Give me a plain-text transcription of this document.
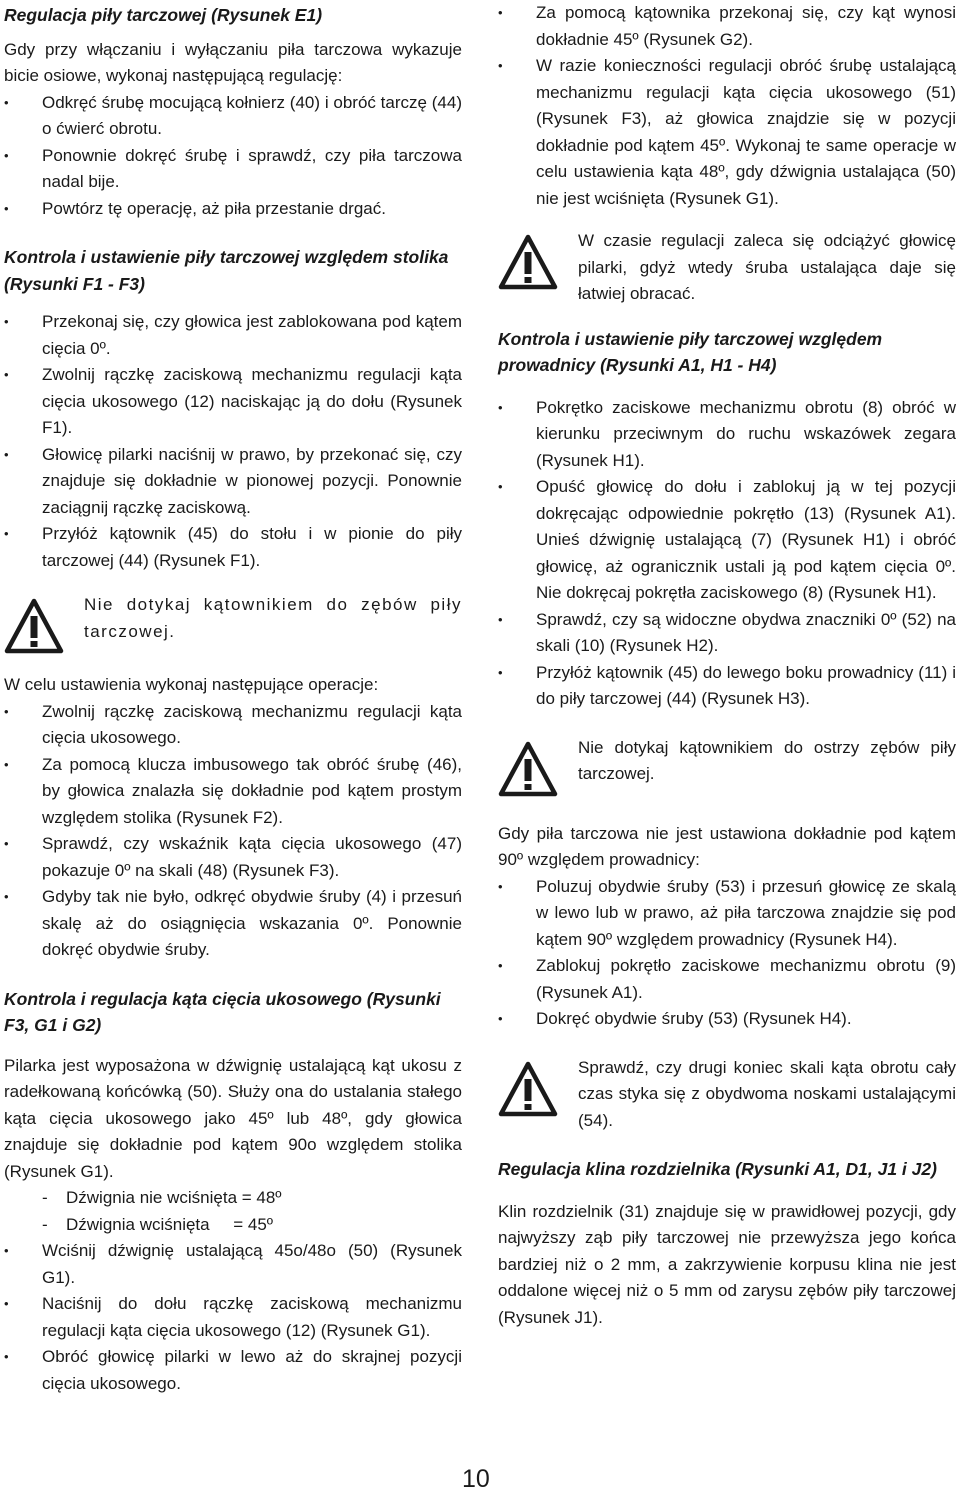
Regulacja piły tarczowej (Rysunek E1)

Gdy przy włączaniu i wyłączaniu piła tarczowa wykazuje bicie osiowe, wykonaj następującą regulację:

• Odkręć śrubę mocującą kołnierz (40) i obróć tarczę (44) o ćwierć obrotu.
• Ponownie dokręć śrubę i sprawdź, czy piła tarczowa nadal bije.
• Powtórz tę operację, aż piła przestanie drgać.
Kontrola i ustawienie piły tarczowej względem stolika (Rysunki F1 - F3)
• Przekonaj się, czy głowica jest zablokowana pod kątem cięcia 0º.
• Zwolnij rączkę zaciskową mechanizmu regulacji kąta cięcia ukosowego (12) naciskając ją do dołu (Rysunek F1).
• Głowicę pilarki naciśnij w prawo, by przekonać się, czy znajduje się dokładnie w pionowej pozycji. Ponownie zaciągnij rączkę zaciskową.
• Przyłóż kątownik (45) do stołu i w pionie do piły tarczowej (44) (Rysunek F1).

Nie dotykaj kątownikiem do zębów piły tarczowej.

W celu ustawienia wykonaj następujące operacje:

• Zwolnij rączkę zaciskową mechanizmu regulacji kąta cięcia ukosowego.
• Za pomocą klucza imbusowego tak obróć śrubę (46), by głowica znalazła się dokładnie pod kątem prostym względem stolika (Rysunek F2).
• Sprawdź, czy wskaźnik kąta cięcia ukosowego (47) pokazuje 0º na skali (48) (Rysunek F3).
• Gdyby tak nie było, odkręć obydwie śruby (4) i przesuń skalę aż do osiągnięcia wskazania 0º. Ponownie dokręć obydwie śruby.
Kontrola i regulacja kąta cięcia ukosowego (Rysunki F3, G1 i G2)

Pilarka jest wyposażona w dźwignię ustalającą kąt ukosu z radełkowaną końcówką (50). Służy ona do ustalania stałego kąta cięcia ukosowego jako 45º lub 48º, gdy głowica znajduje się dokładnie pod kątem 90o względem stolika (Rysunek G1).

- Dźwignia nie wciśnięta = 48º
- Dźwignia wciśnięta     = 45º
• Wciśnij dźwignię ustalającą 45o/48o (50) (Rysunek G1).
• Naciśnij do dołu rączkę zaciskową mechanizmu regulacji kąta cięcia ukosowego (12) (Rysunek G1).
• Obróć głowicę pilarki w lewo aż do skrajnej pozycji cięcia ukosowego.
• Za pomocą kątownika przekonaj się, czy kąt wynosi dokładnie 45º (Rysunek G2).
• W razie konieczności regulacji obróć śrubę ustalającą mechanizmu regulacji kąta cięcia ukosowego (51) (Rysunek F3), aż głowica znajdzie się w pozycji dokładnie pod kątem 45º. Wykonaj te same operacje w celu ustawienia kąta 48º, gdy dźwignia ustalająca (50) nie jest wciśnięta (Rysunek G1).

W czasie regulacji zaleca się odciążyć głowicę pilarki, gdyż wtedy śruba ustalająca daje się łatwiej obracać.

Kontrola i ustawienie piły tarczowej względem prowadnicy (Rysunki A1, H1 - H4)
• Pokrętko zaciskowe mechanizmu obrotu (8) obróć w kierunku przeciwnym do ruchu wskazówek zegara (Rysunek H1).
• Opuść głowicę do dołu i zablokuj ją w tej pozycji dokręcając odpowiednie pokrętło (13) (Rysunek A1). Unieś dźwignię ustalającą (7) (Rysunek H1) i obróć głowicę, aż ogranicznik ustali ją pod kątem cięcia 0º. Nie dokręcaj pokrętła zaciskowego (8) (Rysunek H1).
• Sprawdź, czy są widoczne obydwa znaczniki 0º (52) na skali (10) (Rysunek H2).
• Przyłóż kątownik (45) do lewego boku prowadnicy (11) i do piły tarczowej (44) (Rysunek H3).

Nie dotykaj kątownikiem do ostrzy zębów piły tarczowej.

Gdy piła tarczowa nie jest ustawiona dokładnie pod kątem 90º względem prowadnicy:

• Poluzuj obydwie śruby (53) i przesuń głowicę ze skalą w lewo lub w prawo, aż piła tarczowa znajdzie się pod kątem 90º względem prowadnicy (Rysunek H4).
• Zablokuj pokrętło zaciskowe mechanizmu obrotu (9) (Rysunek A1).
• Dokręć obydwie śruby (53) (Rysunek H4).

Sprawdź, czy drugi koniec skali kąta obrotu cały czas styka się z obydwoma noskami ustalającymi (54).

Regulacja klina rozdzielnika (Rysunki A1, D1, J1 i J2)

Klin rozdzielnik (31) znajduje się w prawidłowej pozycji, gdy najwyższy ząb piły tarczowej nie przewyższa jego końca bardziej niż o 2 mm, a zakrzywienie korpusu klina nie jest oddalone więcej niż o 5 mm od zarysu zębów piły tarczowej (Rysunek J1).

10
